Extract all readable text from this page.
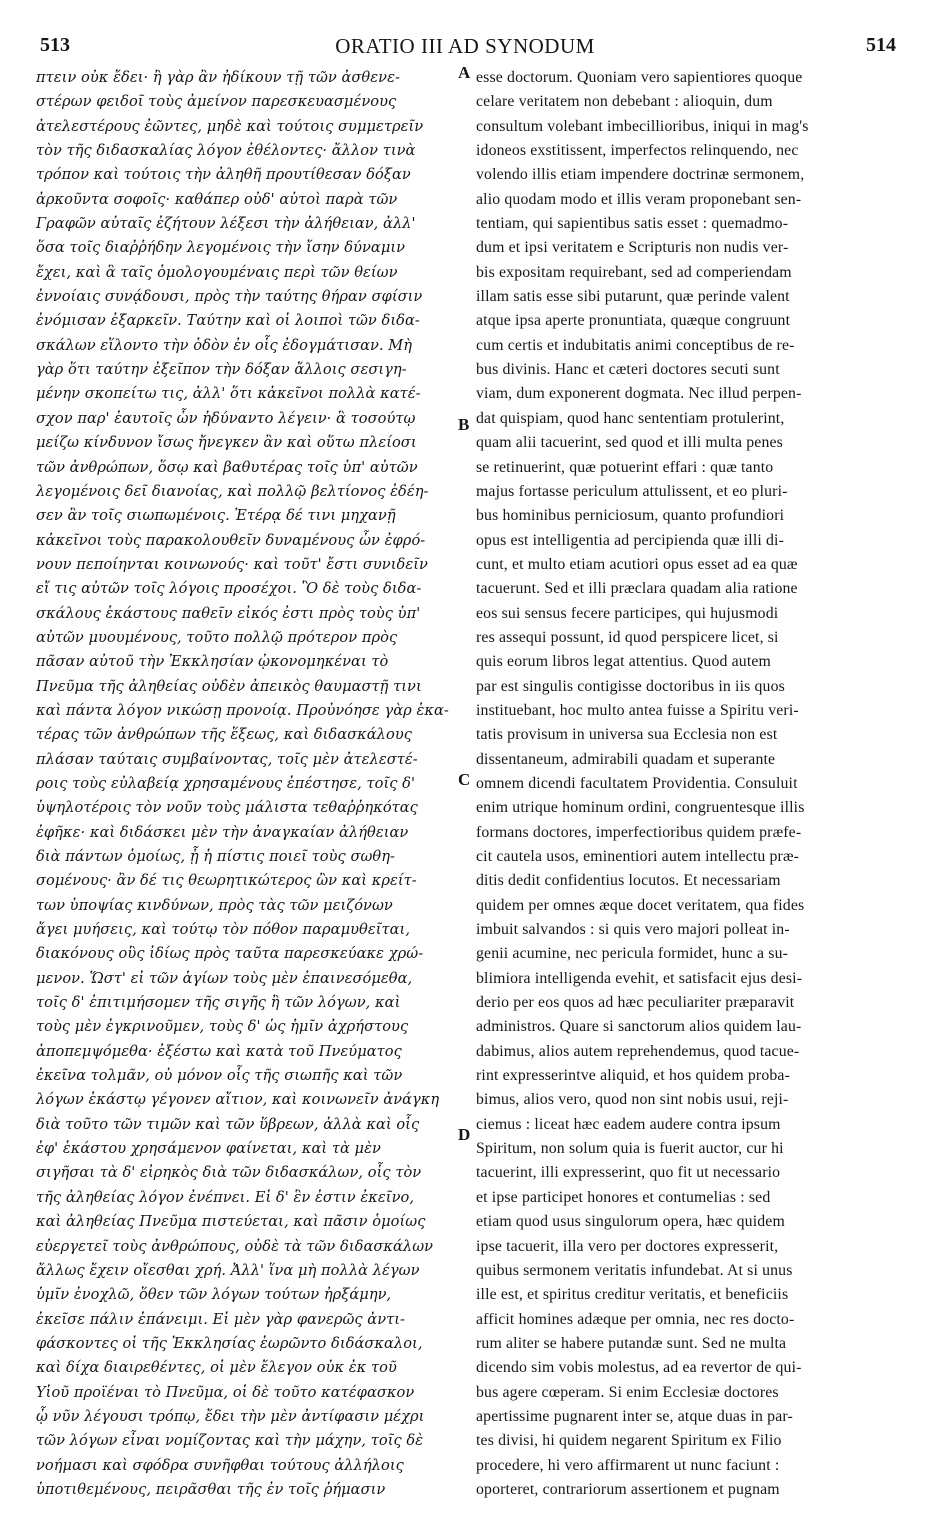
513	ORATIO III AD SYNODUM	514
πτειν οὐκ ἔδει· ἢ γὰρ ἂν ἠδίκουν τῇ τῶν ἀσθενε-
στέρων φειδοῖ τοὺς ἀμείνον παρεσκευασμένους
ἀτελεστέρους ἐῶντες, μηδὲ καὶ τούτοις συμμετρεῖν
τὸν τῆς διδασκαλίας λόγον ἐθέλοντες· ἄλλον τινὰ
τρόπον καὶ τούτοις τὴν ἀληθῆ προυτίθεσαν δόξαν
ἀρκοῦντα σοφοῖς· καθάπερ οὐδ' αὐτοὶ παρὰ τῶν
Γραφῶν αὐταῖς ἐζήτουν λέξεσι τὴν ἀλήθειαν, ἀλλ'
ὅσα τοῖς διαῤῥήδην λεγομένοις τὴν ἴσην δύναμιν
ἔχει, καὶ ἃ ταῖς ὁμολογουμέναις περὶ τῶν θείων
ἐννοίαις συνᾴδουσι, πρὸς τὴν ταύτης θήραν σφίσιν
ἐνόμισαν ἐξαρκεῖν. Ταύτην καὶ οἱ λοιποὶ τῶν διδα-
σκάλων εἵλοντο τὴν ὁδὸν ἐν οἷς ἐδογμάτισαν. Μὴ
γὰρ ὅτι ταύτην ἐξεῖπον τὴν δόξαν ἄλλοις σεσιγη-
μένην σκοπείτω τις, ἀλλ' ὅτι κἀκεῖνοι πολλὰ κατέ-
σχον παρ' ἑαυτοῖς ὧν ἠδύναντο λέγειν· ἃ τοσούτῳ
μείζω κίνδυνον ἴσως ἤνεγκεν ἂν καὶ οὕτω πλείοσι
τῶν ἀνθρώπων, ὅσῳ καὶ βαθυτέρας τοῖς ὑπ' αὐτῶν
λεγομένοις δεῖ διανοίας, καὶ πολλῷ βελτίονος ἐδέη-
σεν ἂν τοῖς σιωπωμένοις. Ἑτέρᾳ δέ τινι μηχανῇ
κἀκεῖνοι τοὺς παρακολουθεῖν δυναμένους ὧν ἐφρό-
νουν πεποίηνται κοινωνούς· καὶ τοῦτ' ἔστι συνιδεῖν
εἴ τις αὐτῶν τοῖς λόγοις προσέχοι. Ὃ δὲ τοὺς διδα-
σκάλους ἑκάστους παθεῖν εἰκός ἐστι πρὸς τοὺς ὑπ'
αὐτῶν μυουμένους, τοῦτο πολλῷ πρότερον πρὸς
πᾶσαν αὐτοῦ τὴν Ἐκκλησίαν ᾠκονομηκέναι τὸ
Πνεῦμα τῆς ἀληθείας οὐδὲν ἀπεικὸς θαυμαστῇ τινι
καὶ πάντα λόγον νικώσῃ προνοίᾳ. Προὐνόησε γὰρ ἑκα-
τέρας τῶν ἀνθρώπων τῆς ἕξεως, καὶ διδασκάλους
πλάσαν ταύταις συμβαίνοντας, τοῖς μὲν ἀτελεστέ-
ροις τοὺς εὐλαβείᾳ χρησαμένους ἐπέστησε, τοῖς δ'
ὑψηλοτέροις τὸν νοῦν τοὺς μάλιστα τεθαῤῥηκότας
ἐφῆκε· καὶ διδάσκει μὲν τὴν ἀναγκαίαν ἀλήθειαν
διὰ πάντων ὁμοίως, ᾗ ἡ πίστις ποιεῖ τοὺς σωθη-
σομένους· ἂν δέ τις θεωρητικώτερος ὢν καὶ κρείτ-
των ὑποψίας κινδύνων, πρὸς τὰς τῶν μειζόνων
ἄγει μυήσεις, καὶ τούτῳ τὸν πόθον παραμυθεῖται,
διακόνους οὓς ἰδίως πρὸς ταῦτα παρεσκεύακε χρώ-
μενον. Ὥστ' εἰ τῶν ἁγίων τοὺς μὲν ἐπαινεσόμεθα,
τοῖς δ' ἐπιτιμήσομεν τῆς σιγῆς ἢ τῶν λόγων, καὶ
τοὺς μὲν ἐγκρινοῦμεν, τοὺς δ' ὡς ἡμῖν ἀχρήστους
ἀποπεμψόμεθα· ἐξέστω καὶ κατὰ τοῦ Πνεύματος
ἐκεῖνα τολμᾶν, οὐ μόνον οἷς τῆς σιωπῆς καὶ τῶν
λόγων ἑκάστῳ γέγονεν αἴτιον, καὶ κοινωνεῖν ἀνάγκη
διὰ τοῦτο τῶν τιμῶν καὶ τῶν ὕβρεων, ἀλλὰ καὶ οἷς
ἐφ' ἑκάστου χρησάμενον φαίνεται, καὶ τὰ μὲν
σιγῆσαι τὰ δ' εἰρηκὸς διὰ τῶν διδασκάλων, οἷς τὸν
τῆς ἀληθείας λόγον ἐνέπνει. Εἰ δ' ἓν ἐστιν ἐκεῖνο,
καὶ ἀληθείας Πνεῦμα πιστεύεται, καὶ πᾶσιν ὁμοίως
εὐεργετεῖ τοὺς ἀνθρώπους, οὐδὲ τὰ τῶν διδασκάλων
ἄλλως ἔχειν οἴεσθαι χρή. Ἀλλ' ἵνα μὴ πολλὰ λέγων
ὑμῖν ἐνοχλῶ, ὅθεν τῶν λόγων τούτων ἠρξάμην,
ἐκεῖσε πάλιν ἐπάνειμι. Εἰ μὲν γὰρ φανερῶς ἀντι-
φάσκοντες οἱ τῆς Ἐκκλησίας ἑωρῶντο διδάσκαλοι,
καὶ δίχα διαιρεθέντες, οἱ μὲν ἔλεγον οὐκ ἐκ τοῦ
Υἱοῦ προϊέναι τὸ Πνεῦμα, οἱ δὲ τοῦτο κατέφασκον
ᾧ νῦν λέγουσι τρόπῳ, ἔδει τὴν μὲν ἀντίφασιν μέχρι
τῶν λόγων εἶναι νομίζοντας καὶ τὴν μάχην, τοῖς δὲ
νοήμασι καὶ σφόδρα συνῆφθαι τούτους ἀλλήλοις
ὑποτιθεμένους, πειρᾶσθαι τῆς ἐν τοῖς ῥήμασιν
esse doctorum. Quoniam vero sapientiores quoque
celare veritatem non debebant : alioquin, dum
consultum volebant imbecillioribus, iniqui in mag's
idoneos exstitissent, imperfectos relinquendo, nec
volendo illis etiam impendere doctrinæ sermonem,
alio quodam modo et illis veram proponebant sen-
tentiam, qui sapientibus satis esset : quemadmo-
dum et ipsi veritatem e Scripturis non nudis ver-
bis expositam requirebant, sed ad comperiendam
illam satis esse sibi putarunt, quæ perinde valent
atque ipsa aperte pronuntiata, quæque congruunt
cum certis et indubitatis animi conceptibus de re-
bus divinis. Hanc et cæteri doctores secuti sunt
viam, dum exponerent dogmata. Nec illud perpen-
dat quispiam, quod hanc sententiam protulerint,
quam alii tacuerint, sed quod et illi multa penes
se retinuerint, quæ potuerint effari : quæ tanto
majus fortasse periculum attulissent, et eo pluri-
bus hominibus perniciosum, quanto profundiori
opus est intelligentia ad percipienda quæ illi di-
cunt, et multo etiam acutiori opus esset ad ea quæ
tacuerunt. Sed et illi præclara quadam alia ratione
eos sui sensus fecere participes, qui hujusmodi
res assequi possunt, id quod perspicere licet, si
quis eorum libros legat attentius. Quod autem
par est singulis contigisse doctoribus in iis quos
instituebant, hoc multo antea fuisse a Spiritu veri-
tatis provisum in universa sua Ecclesia non est
dissentaneum, admirabili quadam et superante
omnem dicendi facultatem Providentia. Consuluit
enim utrique hominum ordini, congruentesque illis
formans doctores, imperfectioribus quidem præfe-
cit cautela usos, eminentiori autem intellectu præ-
ditis dedit confidentius locutos. Et necessariam
quidem per omnes æque docet veritatem, qua fides
imbuit salvandos : si quis vero majori polleat in-
genii acumine, nec pericula formidet, hunc a su-
blimiora intelligenda evehit, et satisfacit ejus desi-
derio per eos quos ad hæc peculiariter præparavit
administros. Quare si sanctorum alios quidem lau-
dabimus, alios autem reprehendemus, quod tacue-
rint expresserintve aliquid, et hos quidem proba-
bimus, alios vero, quod non sint nobis usui, reji-
ciemus : liceat hæc eadem audere contra ipsum
Spiritum, non solum quia is fuerit auctor, cur hi
tacuerint, illi expresserint, quo fit ut necessario
et ipse participet honores et contumelias : sed
etiam quod usus singulorum opera, hæc quidem
ipse tacuerit, illa vero per doctores expresserit,
quibus sermonem veritatis infundebat. At si unus
ille est, et spiritus creditur veritatis, et beneficiis
afficit homines adæque per omnia, nec res docto-
rum aliter se habere putandæ sunt. Sed ne multa
dicendo sim vobis molestus, ad ea revertor de qui-
bus agere cœperam. Si enim Ecclesiæ doctores
apertissime pugnarent inter se, atque duas in par-
tes divisi, hi quidem negarent Spiritum ex Filio
procedere, hi vero affirmarent ut nunc faciunt :
oporteret, contrariorum assertionem et pugnam
A
B
C
D
